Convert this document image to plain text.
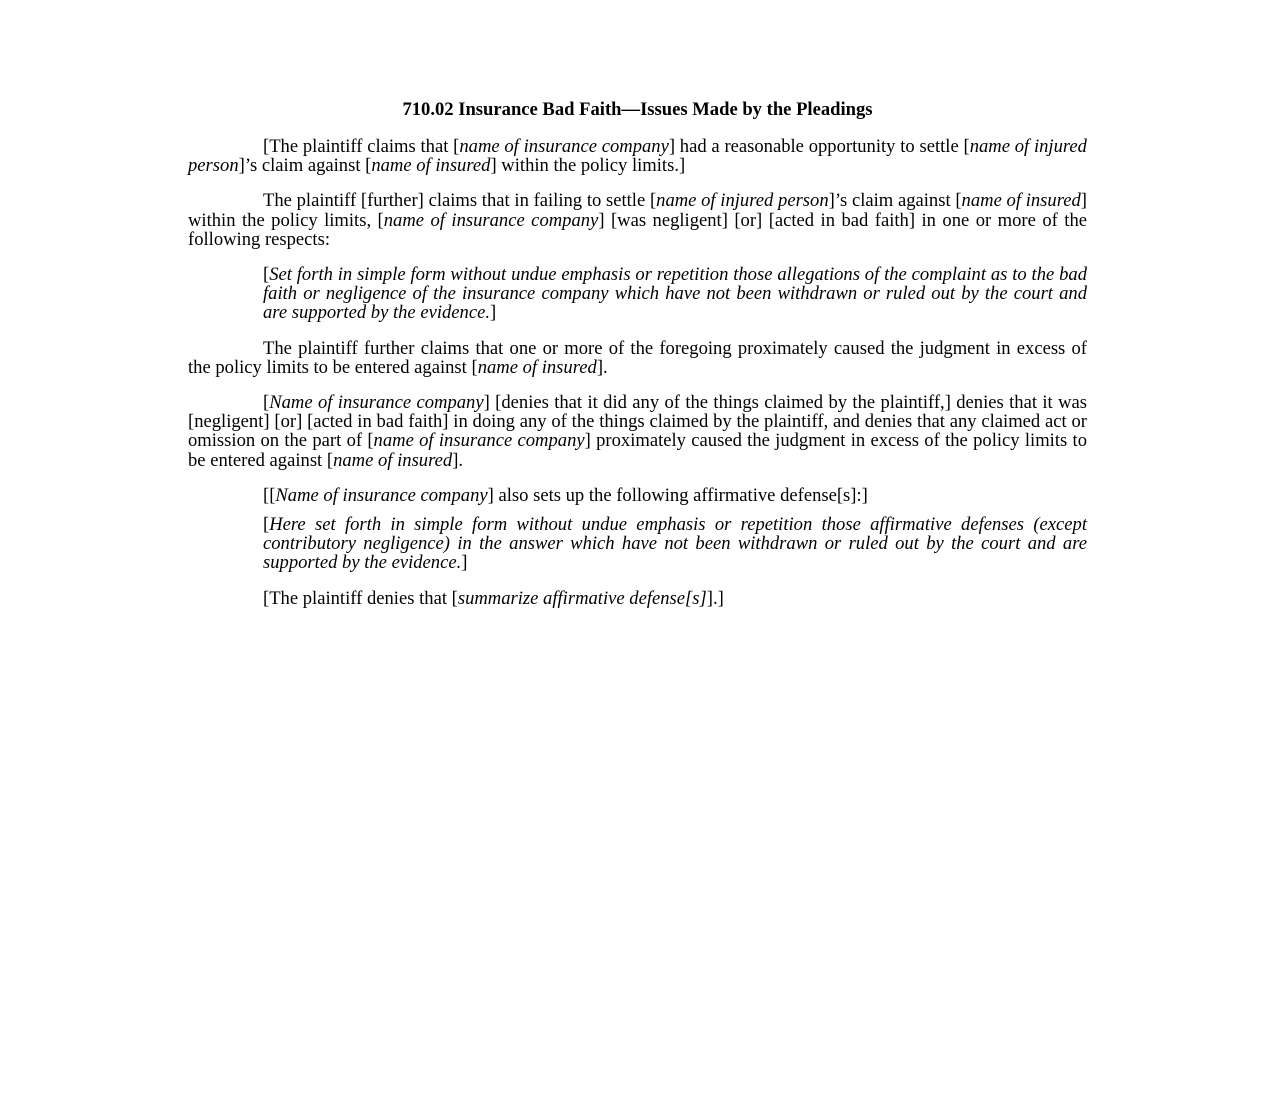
710.02 Insurance Bad Faith—Issues Made by the Pleadings

[The plaintiff claims that [name of insurance company] had a reasonable opportunity to settle [name of injured person]’s claim against [name of insured] within the policy limits.]

The plaintiff [further] claims that in failing to settle [name of injured person]’s claim against [name of insured] within the policy limits, [name of insurance company] [was negligent] [or] [acted in bad faith] in one or more of the following respects:

[Set forth in simple form without undue emphasis or repetition those allegations of the complaint as to the bad faith or negligence of the insurance company which have not been withdrawn or ruled out by the court and are supported by the evidence.]

The plaintiff further claims that one or more of the foregoing proximately caused the judgment in excess of the policy limits to be entered against [name of insured].

[Name of insurance company] [denies that it did any of the things claimed by the plaintiff,] denies that it was [negligent] [or] [acted in bad faith] in doing any of the things claimed by the plaintiff, and denies that any claimed act or omission on the part of [name of insurance company] proximately caused the judgment in excess of the policy limits to be entered against [name of insured].

[[Name of insurance company] also sets up the following affirmative defense[s]:]

[Here set forth in simple form without undue emphasis or repetition those affirmative defenses (except contributory negligence) in the answer which have not been withdrawn or ruled out by the court and are supported by the evidence.]

[The plaintiff denies that [summarize affirmative defense[s]].]
